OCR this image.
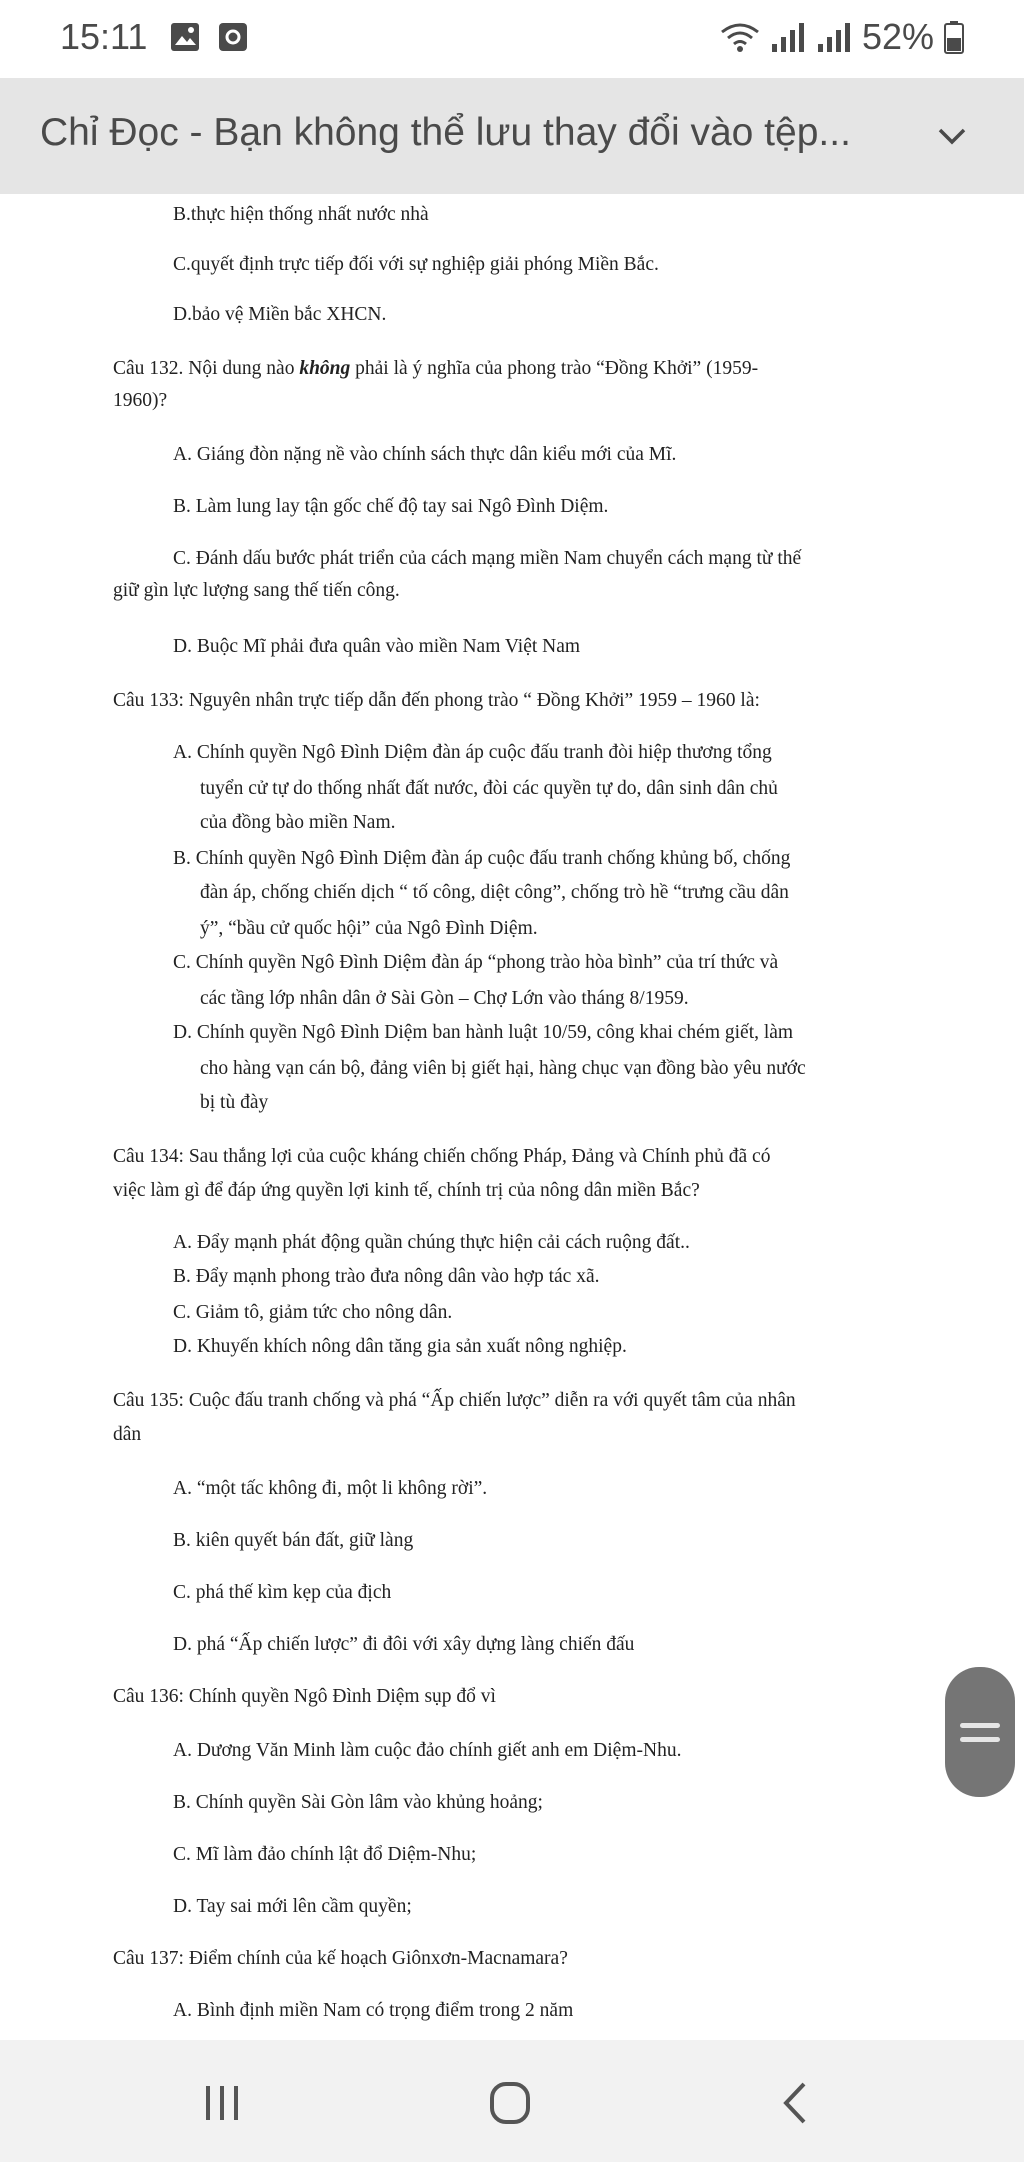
15:11	52%
Chỉ Đọc - Bạn không thể lưu thay đổi vào tệp...
B.thực hiện thống nhất nước nhà
C.quyết định trực tiếp đối với sự nghiệp giải phóng Miền Bắc.
D.bảo vệ Miền bắc XHCN.
Câu 132. Nội dung nào không phải là ý nghĩa của phong trào “Đồng Khởi” (1959-
1960)?
A. Giáng đòn nặng nề vào chính sách thực dân kiểu mới của Mĩ.
B. Làm lung lay tận gốc chế độ tay sai Ngô Đình Diệm.
C. Đánh dấu bước phát triển của cách mạng miền Nam chuyển cách mạng từ thế
giữ gìn lực lượng sang thế tiến công.
D. Buộc Mĩ phải đưa quân vào miền Nam Việt Nam
Câu 133: Nguyên nhân trực tiếp dẫn đến phong trào “ Đồng Khởi” 1959 – 1960 là:
A. Chính quyền Ngô Đình Diệm đàn áp cuộc đấu tranh đòi hiệp thương tổng
tuyển cử tự do thống nhất đất nước, đòi các quyền tự do, dân sinh dân chủ
của đồng bào miền Nam.
B. Chính quyền Ngô Đình Diệm đàn áp cuộc đấu tranh chống khủng bố, chống
đàn áp, chống chiến dịch “ tố công, diệt công”, chống trò hề “trưng cầu dân
ý”, “bầu cử quốc hội” của Ngô Đình Diệm.
C. Chính quyền Ngô Đình Diệm đàn áp “phong trào hòa bình” của trí thức và
các tầng lớp nhân dân ở Sài Gòn – Chợ Lớn vào tháng 8/1959.
D. Chính quyền Ngô Đình Diệm ban hành luật 10/59, công khai chém giết, làm
cho hàng vạn cán bộ, đảng viên bị giết hại, hàng chục vạn đồng bào yêu nước
bị tù đày
Câu 134: Sau thắng lợi của cuộc kháng chiến chống Pháp, Đảng và Chính phủ đã có
việc làm gì để đáp ứng quyền lợi kinh tế, chính trị của nông dân miền Bắc?
A. Đẩy mạnh phát động quần chúng thực hiện cải cách ruộng đất..
B. Đẩy mạnh phong trào đưa nông dân vào hợp tác xã.
C. Giảm tô, giảm tức cho nông dân.
D. Khuyến khích nông dân tăng gia sản xuất nông nghiệp.
Câu 135: Cuộc đấu tranh chống và phá “Ấp chiến lược” diễn ra với quyết tâm của nhân
dân
A. “một tấc không đi, một li không rời”.
B. kiên quyết bán đất, giữ làng
C. phá thế kìm kẹp của địch
D. phá “Ấp chiến lược” đi đôi với xây dựng làng chiến đấu
Câu 136: Chính quyền Ngô Đình Diệm sụp đổ vì
A. Dương Văn Minh làm cuộc đảo chính giết anh em Diệm-Nhu.
B. Chính quyền Sài Gòn lâm vào khủng hoảng;
C. Mĩ làm đảo chính lật đổ Diệm-Nhu;
D. Tay sai mới lên cầm quyền;
Câu 137: Điểm chính của kế hoạch Giônxơn-Macnamara?
A. Bình định miền Nam có trọng điểm trong 2 năm
